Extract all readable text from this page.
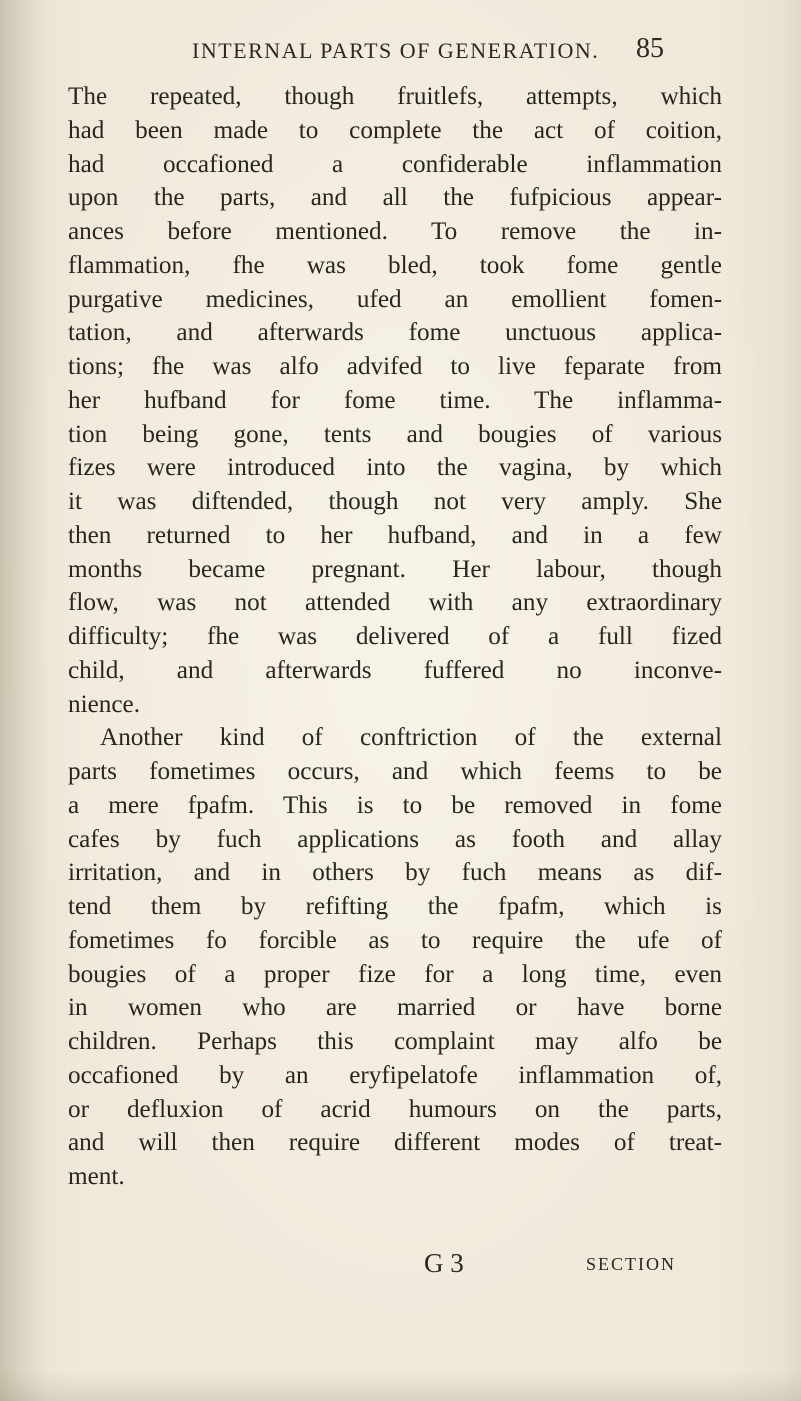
INTERNAL PARTS OF GENERATION.	85
The repeated, though fruitlefs, attempts, which
had been made to complete the act of coition,
had occafioned a confiderable inflammation
upon the parts, and all the fufpicious appear-
ances before mentioned. To remove the in-
flammation, fhe was bled, took fome gentle
purgative medicines, ufed an emollient fomen-
tation, and afterwards fome unctuous applica-
tions; fhe was alfo advifed to live feparate from
her hufband for fome time. The inflamma-
tion being gone, tents and bougies of various
fizes were introduced into the vagina, by which
it was diftended, though not very amply. She
then returned to her hufband, and in a few
months became pregnant. Her labour, though
flow, was not attended with any extraordinary
difficulty; fhe was delivered of a full fized
child, and afterwards fuffered no inconve-
nience.
Another kind of conftriction of the external
parts fometimes occurs, and which feems to be
a mere fpafm. This is to be removed in fome
cafes by fuch applications as footh and allay
irritation, and in others by fuch means as dif-
tend them by refifting the fpafm, which is
fometimes fo forcible as to require the ufe of
bougies of a proper fize for a long time, even
in women who are married or have borne
children. Perhaps this complaint may alfo be
occafioned by an eryfipelatofe inflammation of,
or defluxion of acrid humours on the parts,
and will then require different modes of treat-
ment.
G 3	SECTION
